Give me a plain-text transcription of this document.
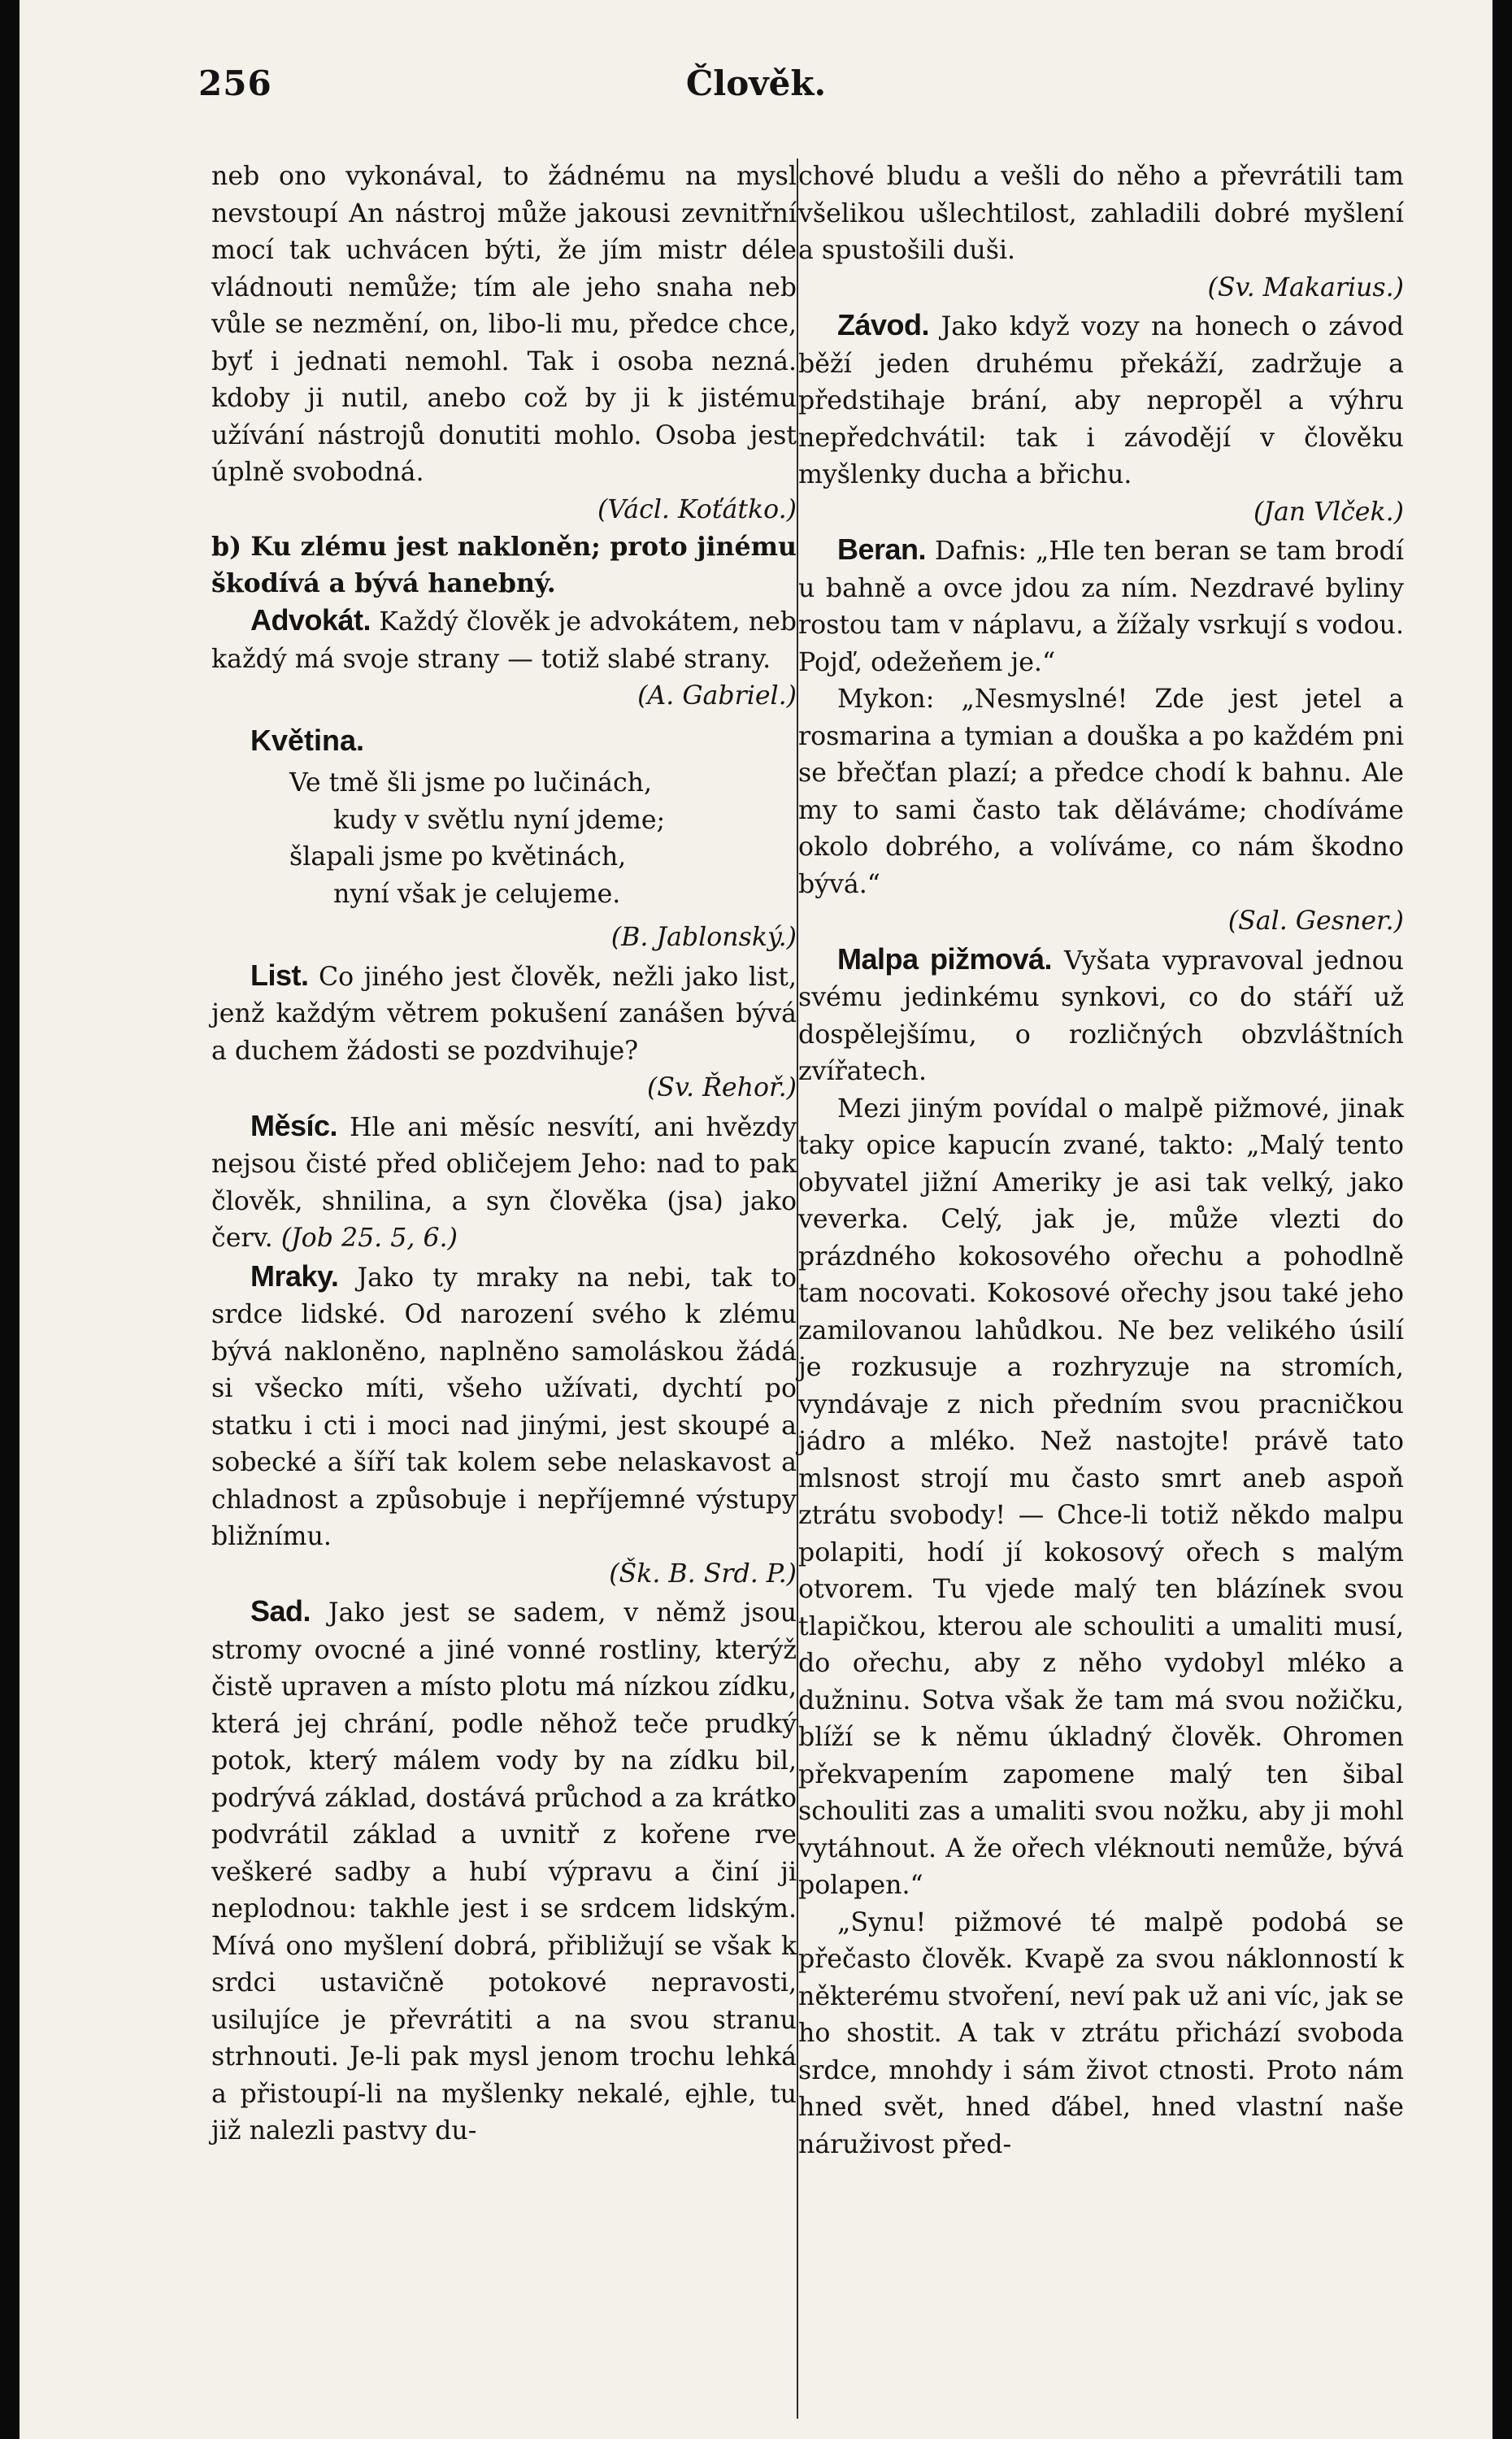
256	Člověk.

neb ono vykonával, to žádnému na mysl nevstoupí An nástroj může jakousi zevnitřní mocí tak uchvácen býti, že jím mistr déle vládnouti nemůže; tím ale jeho snaha neb vůle se nezmění, on, libo-li mu, předce chce, byť i jednati nemohl. Tak i osoba nezná. kdoby ji nutil, anebo což by ji k jistému užívání nástrojů donutiti mohlo. Osoba jest úplně svobodná.

(Václ. Koťátko.)

b) Ku zlému jest nakloněn; proto jinému škodívá a bývá hanebný.

Advokát. Každý člověk je advokátem, neb každý má svoje strany — totiž slabé strany.

(A. Gabriel.)

Květina.
Ve tmě šli jsme po lučinách,
kudy v světlu nyní jdeme;
šlapali jsme po květinách,
nyní však je celujeme.

(B. Jablonský.)

List. Co jiného jest člověk, nežli jako list, jenž každým větrem pokušení zanášen bývá a duchem žádosti se pozdvihuje?

(Sv. Řehoř.)

Měsíc. Hle ani měsíc nesvítí, ani hvězdy nejsou čisté před obličejem Jeho: nad to pak člověk, shnilina, a syn člověka (jsa) jako červ. (Job 25. 5, 6.)

Mraky. Jako ty mraky na nebi, tak to srdce lidské. Od narození svého k zlému bývá nakloněno, naplněno samoláskou žádá si všecko míti, všeho užívati, dychtí po statku i cti i moci nad jinými, jest skoupé a sobecké a šíří tak kolem sebe nelaskavost a chladnost a způsobuje i nepříjemné výstupy bližnímu.

(Šk. B. Srd. P.)

Sad. Jako jest se sadem, v němž jsou stromy ovocné a jiné vonné rostliny, kterýž čistě upraven a místo plotu má nízkou zídku, která jej chrání, podle něhož teče prudký potok, který málem vody by na zídku bil, podrývá základ, dostává průchod a za krátko podvrátil základ a uvnitř z kořene rve veškeré sadby a hubí výpravu a činí ji neplodnou: takhle jest i se srdcem lidským. Mívá ono myšlení dobrá, přibližují se však k srdci ustavičně potokové nepravosti, usilujíce je převrátiti a na svou stranu strhnouti. Je-li pak mysl jenom trochu lehká a přistoupí-li na myšlenky nekalé, ejhle, tu již nalezli pastvy du-

chové bludu a vešli do něho a převrátili tam všelikou ušlechtilost, zahladili dobré myšlení a spustošili duši.

(Sv. Makarius.)

Závod. Jako když vozy na honech o závod běží jeden druhému překáží, zadržuje a předstihaje brání, aby nepropěl a výhru nepředchvátil: tak i závodějí v člověku myšlenky ducha a břichu.

(Jan Vlček.)

Beran. Dafnis: „Hle ten beran se tam brodí u bahně a ovce jdou za ním. Nezdravé byliny rostou tam v náplavu, a žížaly vsrkují s vodou. Pojď, odežeňem je.“

Mykon: „Nesmyslné! Zde jest jetel a rosmarina a tymian a douška a po každém pni se břečťan plazí; a předce chodí k bahnu. Ale my to sami často tak děláváme; chodíváme okolo dobrého, a volíváme, co nám škodno bývá.“

(Sal. Gesner.)

Malpa pižmová. Vyšata vypravoval jednou svému jedinkému synkovi, co do stáří už dospělejšímu, o rozličných obzvláštních zvířatech.

Mezi jiným povídal o malpě pižmové, jinak taky opice kapucín zvané, takto: „Malý tento obyvatel jižní Ameriky je asi tak velký, jako veverka. Celý, jak je, může vlezti do prázdného kokosového ořechu a pohodlně tam nocovati. Kokosové ořechy jsou také jeho zamilovanou lahůdkou. Ne bez velikého úsilí je rozkusuje a rozhryzuje na stromích, vyndávaje z nich předním svou pracničkou jádro a mléko. Než nastojte! právě tato mlsnost strojí mu často smrt aneb aspoň ztrátu svobody! — Chce-li totiž někdo malpu polapiti, hodí jí kokosový ořech s malým otvorem. Tu vjede malý ten blázínek svou tlapičkou, kterou ale schouliti a umaliti musí, do ořechu, aby z něho vydobyl mléko a dužninu. Sotva však že tam má svou nožičku, blíží se k němu úkladný člověk. Ohromen překvapením zapomene malý ten šibal schouliti zas a umaliti svou nožku, aby ji mohl vytáhnout. A že ořech vléknouti nemůže, bývá polapen.“

„Synu! pižmové té malpě podobá se přečasto člověk. Kvapě za svou náklonností k některému stvoření, neví pak už ani víc, jak se ho shostit. A tak v ztrátu přichází svoboda srdce, mnohdy i sám život ctnosti. Proto nám hned svět, hned ďábel, hned vlastní naše náruživost před-
